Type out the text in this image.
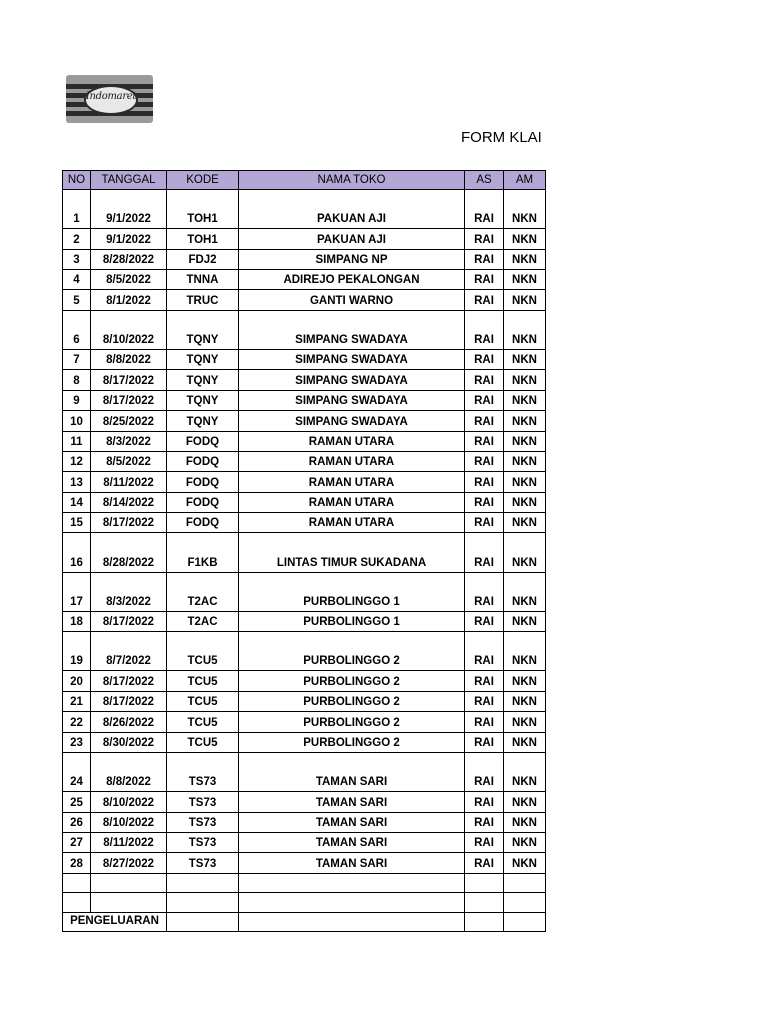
Indomaret
FORM KLAI
NO	TANGGAL	KODE	NAMA TOKO	AS	AM
1	9/1/2022	TOH1	PAKUAN AJI	RAI	NKN
2	9/1/2022	TOH1	PAKUAN AJI	RAI	NKN
3	8/28/2022	FDJ2	SIMPANG NP	RAI	NKN
4	8/5/2022	TNNA	ADIREJO PEKALONGAN	RAI	NKN
5	8/1/2022	TRUC	GANTI WARNO	RAI	NKN
6	8/10/2022	TQNY	SIMPANG SWADAYA	RAI	NKN
7	8/8/2022	TQNY	SIMPANG SWADAYA	RAI	NKN
8	8/17/2022	TQNY	SIMPANG SWADAYA	RAI	NKN
9	8/17/2022	TQNY	SIMPANG SWADAYA	RAI	NKN
10	8/25/2022	TQNY	SIMPANG SWADAYA	RAI	NKN
11	8/3/2022	FODQ	RAMAN UTARA	RAI	NKN
12	8/5/2022	FODQ	RAMAN UTARA	RAI	NKN
13	8/11/2022	FODQ	RAMAN UTARA	RAI	NKN
14	8/14/2022	FODQ	RAMAN UTARA	RAI	NKN
15	8/17/2022	FODQ	RAMAN UTARA	RAI	NKN
16	8/28/2022	F1KB	LINTAS TIMUR SUKADANA	RAI	NKN
17	8/3/2022	T2AC	PURBOLINGGO 1	RAI	NKN
18	8/17/2022	T2AC	PURBOLINGGO 1	RAI	NKN
19	8/7/2022	TCU5	PURBOLINGGO 2	RAI	NKN
20	8/17/2022	TCU5	PURBOLINGGO 2	RAI	NKN
21	8/17/2022	TCU5	PURBOLINGGO 2	RAI	NKN
22	8/26/2022	TCU5	PURBOLINGGO 2	RAI	NKN
23	8/30/2022	TCU5	PURBOLINGGO 2	RAI	NKN
24	8/8/2022	TS73	TAMAN SARI	RAI	NKN
25	8/10/2022	TS73	TAMAN SARI	RAI	NKN
26	8/10/2022	TS73	TAMAN SARI	RAI	NKN
27	8/11/2022	TS73	TAMAN SARI	RAI	NKN
28	8/27/2022	TS73	TAMAN SARI	RAI	NKN

PENGELUARAN					
